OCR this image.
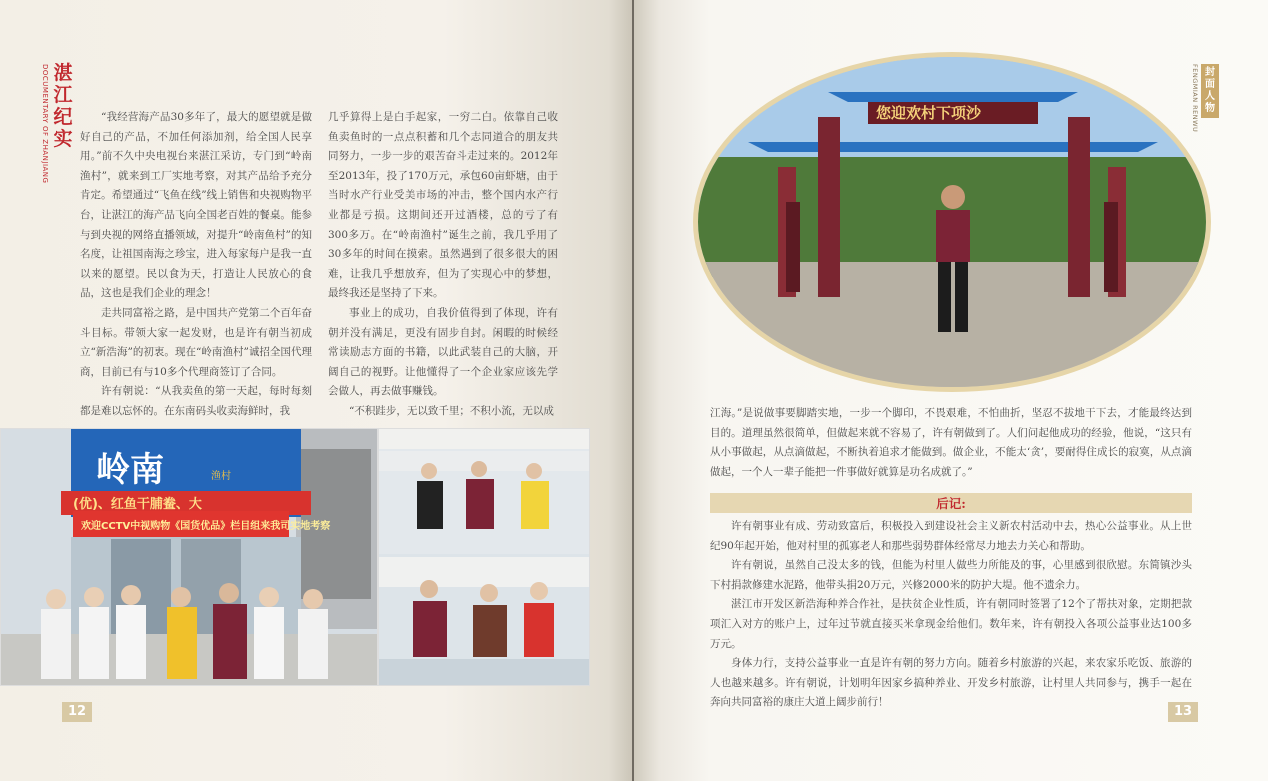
湛江纪实
DOCUMENTARY OF ZHANJIANG	“我经营海产品30多年了，最大的愿望就是做好自己的产品，不加任何添加剂，给全国人民享用。”前不久中央电视台来湛江采访，专门到“岭南渔村”，就来到工厂实地考察，对其产品给予充分肯定。希望通过“飞鱼在线”线上销售和央视购物平台，让湛江的海产品飞向全国老百姓的餐桌。能参与到央视的网络直播领域，对提升“岭南鱼村”的知名度，让祖国南海之珍宝，进入每家每户是我一直以来的愿望。民以食为天，打造让人民放心的食品，这也是我们企业的理念！

走共同富裕之路，是中国共产党第二个百年奋斗目标。带领大家一起发财，也是许有朝当初成立“新浩海”的初衷。现在“岭南渔村”诚招全国代理商，目前已有与10多个代理商签订了合同。

许有朝说：“从我卖鱼的第一天起，每时每刻都是难以忘怀的。在东南码头收卖海鲜时，我

几乎算得上是白手起家，一穷二白。依靠自己收鱼卖鱼时的一点点积蓄和几个志同道合的朋友共同努力，一步一步的艰苦奋斗走过来的。2012年至2013年，投了170万元，承包60亩虾塘，由于当时水产行业受美市场的冲击，整个国内水产行业都是亏损。这期间还开过酒楼，总的亏了有300多万。在“岭南渔村”诞生之前，我几乎用了30多年的时间在摸索。虽然遇到了很多很大的困难，让我几乎想放弃，但为了实现心中的梦想，最终我还是坚持了下来。

事业上的成功，自我价值得到了体现，许有朝并没有满足，更没有固步自封。闲暇的时候经常读励志方面的书籍，以此武装自己的大脑，开阔自己的视野。让他懂得了一个企业家应该先学会做人，再去做事赚钱。

“不积跬步，无以致千里；不积小流，无以成

岭南	渔村
(优)、红鱼干脯鲞、大
欢迎CCTV中视购物《国货优品》栏目组来我司实地考察
12
封面人物
FENGMIAN RENWU
您迎欢村下项沙

江海。”是说做事要脚踏实地，一步一个脚印，不畏艰难，不怕曲折，坚忍不拔地干下去，才能最终达到目的。道理虽然很简单，但做起来就不容易了，许有朝做到了。人们问起他成功的经验，他说，“这只有从小事做起，从点滴做起，不断执着追求才能做到。做企业，不能太‘贪’，要耐得住成长的寂寞，从点滴做起，一个人一辈子能把一件事做好就算是功名成就了。”

后记:

许有朝事业有成、劳动致富后，积极投入到建设社会主义新农村活动中去，热心公益事业。从上世纪90年起开始，他对村里的孤寡老人和那些弱势群体经常尽力地去力关心和帮助。

许有朝说，虽然自己没太多的钱，但能为村里人做些力所能及的事，心里感到很欣慰。东简镇沙头下村捐款修建水泥路，他带头捐20万元，兴修2000米的防护大堤。他不遗余力。

湛江市开发区新浩海种养合作社，是扶贫企业性质，许有朝同时签署了12个了帮扶对象，定期把款项汇入对方的账户上，过年过节就直接买米拿现金给他们。数年来，许有朝投入各项公益事业达100多万元。

身体力行，支持公益事业一直是许有朝的努力方向。随着乡村旅游的兴起，来农家乐吃饭、旅游的人也越来越多。许有朝说，计划明年因家乡搞种养业、开发乡村旅游，让村里人共同参与，携手一起在奔向共同富裕的康庄大道上阔步前行！

13
